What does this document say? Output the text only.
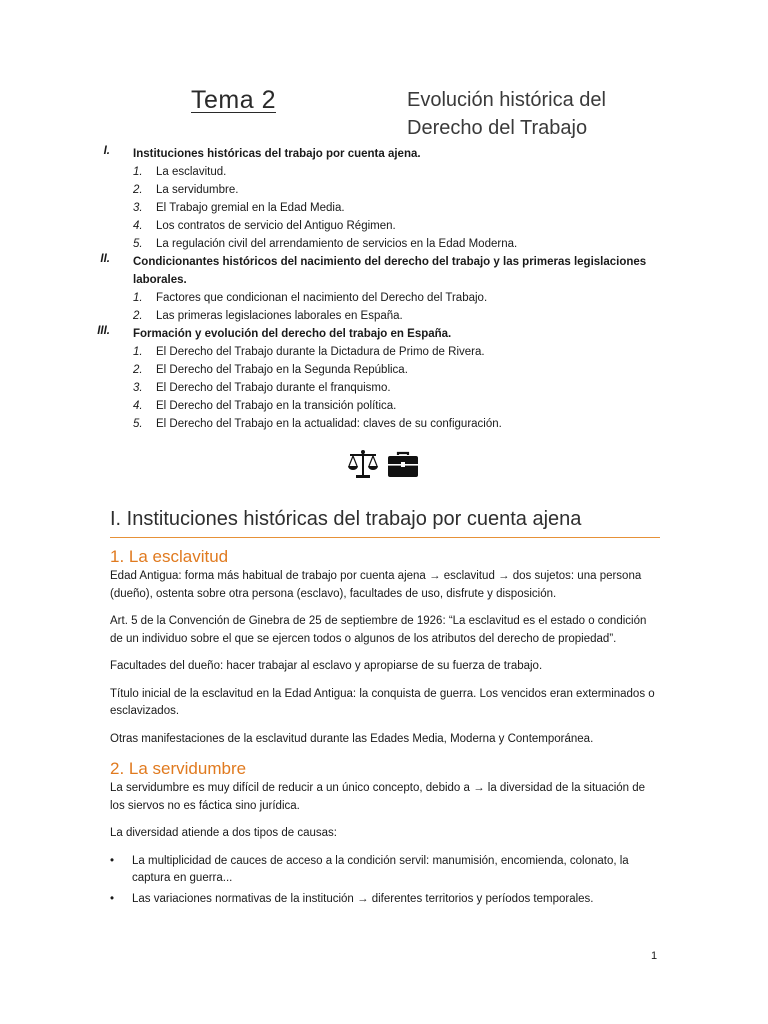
Tema 2	Evolución histórica del
Derecho del Trabajo
I. Instituciones históricas del trabajo por cuenta ajena.
1. La esclavitud.
2. La servidumbre.
3. El Trabajo gremial en la Edad Media.
4. Los contratos de servicio del Antiguo Régimen.
5. La regulación civil del arrendamiento de servicios en la Edad Moderna.
II. Condicionantes históricos del nacimiento del derecho del trabajo y las primeras legislaciones laborales.
1. Factores que condicionan el nacimiento del Derecho del Trabajo.
2. Las primeras legislaciones laborales en España.
III. Formación y evolución del derecho del trabajo en España.
1. El Derecho del Trabajo durante la Dictadura de Primo de Rivera.
2. El Derecho del Trabajo en la Segunda República.
3. El Derecho del Trabajo durante el franquismo.
4. El Derecho del Trabajo en la transición política.
5. El Derecho del Trabajo en la actualidad: claves de su configuración.
I. Instituciones históricas del trabajo por cuenta ajena
1. La esclavitud

Edad Antigua: forma más habitual de trabajo por cuenta ajena → esclavitud → dos sujetos: una persona (dueño), ostenta sobre otra persona (esclavo), facultades de uso, disfrute y disposición.

Art. 5 de la Convención de Ginebra de 25 de septiembre de 1926: “La esclavitud es el estado o condición de un individuo sobre el que se ejercen todos o algunos de los atributos del derecho de propiedad”.

Facultades del dueño: hacer trabajar al esclavo y apropiarse de su fuerza de trabajo.

Título inicial de la esclavitud en la Edad Antigua: la conquista de guerra. Los vencidos eran exterminados o esclavizados.

Otras manifestaciones de la esclavitud durante las Edades Media, Moderna y Contemporánea.

2. La servidumbre

La servidumbre es muy difícil de reducir a un único concepto, debido a → la diversidad de la situación de los siervos no es fáctica sino jurídica.

La diversidad atiende a dos tipos de causas:

• La multiplicidad de cauces de acceso a la condición servil: manumisión, encomienda, colonato, la captura en guerra...
• Las variaciones normativas de la institución → diferentes territorios y períodos temporales.
1
